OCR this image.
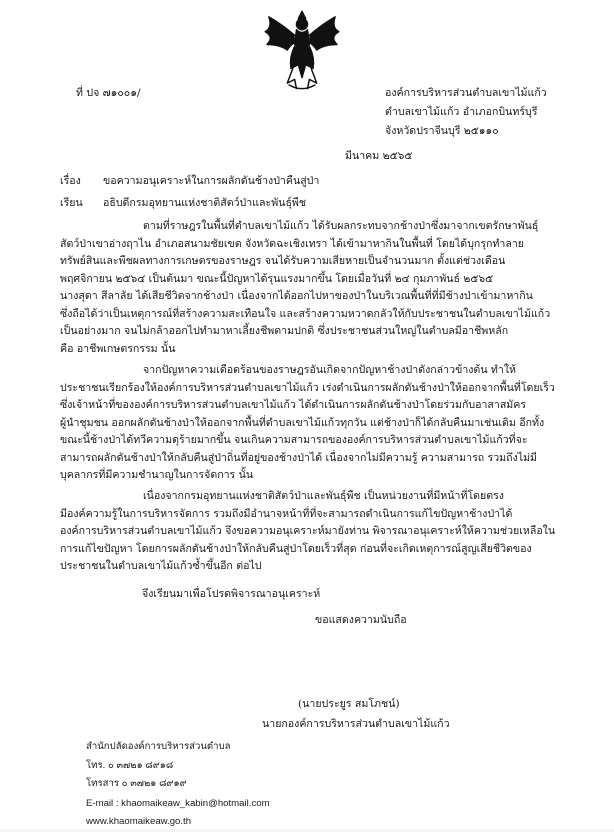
ที่ ปจ ๗๑๐๐๑/	องค์การบริหารส่วนตำบลเขาไม้แก้ว
ตำบลเขาไม้แก้ว อำเภอกบินทร์บุรี
จังหวัดปราจีนบุรี ๒๕๑๑๐
มีนาคม ๒๕๖๕
เรื่อง ขอความอนุเคราะห์ในการผลักดันช้างป่าคืนสู่ป่า
เรียน อธิบดีกรมอุทยานแห่งชาติสัตว์ป่าและพันธุ์พืช

ตามที่ราษฎรในพื้นที่ตำบลเขาไม้แก้ว ได้รับผลกระทบจากช้างป่าซึ่งมาจากเขตรักษาพันธุ์

สัตว์ป่าเขาอ่างฤาไน อำเภอสนามชัยเขต จังหวัดฉะเชิงเทรา ได้เข้ามาหากินในพื้นที่ โดยได้บุกรุกทำลาย

ทรัพย์สินและพืชผลทางการเกษตรของราษฎร จนได้รับความเสียหายเป็นจำนวนมาก ตั้งแต่ช่วงเดือน

พฤศจิกายน ๒๕๖๔ เป็นต้นมา ขณะนี้ปัญหาได้รุนแรงมากขึ้น โดยเมื่อวันที่ ๒๔ กุมภาพันธ์ ๒๕๖๕

นางสุดา สีลาลัย ได้เสียชีวิตจากช้างป่า เนื่องจากได้ออกไปหาของป่าในบริเวณพื้นที่ที่มีช้างป่าเข้ามาหากิน

ซึ่งถือได้ว่าเป็นเหตุการณ์ที่สร้างความสะเทือนใจ และสร้างความหวาดกลัวให้กับประชาชนในตำบลเขาไม้แก้ว

เป็นอย่างมาก จนไม่กล้าออกไปทำมาหาเลี้ยงชีพตามปกติ ซึ่งประชาชนส่วนใหญ่ในตำบลมีอาชีพหลัก

คือ อาชีพเกษตรกรรม นั้น

จากปัญหาความเดือดร้อนของราษฎรอันเกิดจากปัญหาช้างป่าดังกล่าวข้างต้น ทำให้

ประชาชนเรียกร้องให้องค์การบริหารส่วนตำบลเขาไม้แก้ว เร่งดำเนินการผลักดันช้างป่าให้ออกจากพื้นที่โดยเร็ว

ซึ่งเจ้าหน้าที่ขององค์การบริหารส่วนตำบลเขาไม้แก้ว ได้ดำเนินการผลักดันช้างป่าโดยร่วมกับอาสาสมัคร

ผู้นำชุมชน ออกผลักดันช้างป่าให้ออกจากพื้นที่ตำบลเขาไม้แก้วทุกวัน แต่ช้างป่าก็ได้กลับคืนมาเช่นเดิม อีกทั้ง

ขณะนี้ช้างป่าได้ทวีความดุร้ายมากขึ้น จนเกินความสามารถขององค์การบริหารส่วนตำบลเขาไม้แก้วที่จะ

สามารถผลักดันช้างป่าให้กลับคืนสู่ป่าถิ่นที่อยู่ของช้างป่าได้ เนื่องจากไม่มีความรู้ ความสามารถ รวมถึงไม่มี

บุคลากรที่มีความชำนาญในการจัดการ นั้น

เนื่องจากกรมอุทยานแห่งชาติสัตว์ป่าและพันธุ์พืช เป็นหน่วยงานที่มีหน้าที่โดยตรง

มีองค์ความรู้ในการบริหารจัดการ รวมถึงมีอำนาจหน้าที่ที่จะสามารถดำเนินการแก้ไขปัญหาช้างป่าได้

องค์การบริหารส่วนตำบลเขาไม้แก้ว จึงขอความอนุเคราะห์มายังท่าน พิจารณาอนุเคราะห์ให้ความช่วยเหลือใน

การแก้ไขปัญหา โดยการผลักดันช้างป่าให้กลับคืนสู่ป่าโดยเร็วที่สุด ก่อนที่จะเกิดเหตุการณ์สูญเสียชีวิตของ

ประชาชนในตำบลเขาไม้แก้วซ้ำขึ้นอีก ต่อไป

จึงเรียนมาเพื่อโปรดพิจารณาอนุเคราะห์
ขอแสดงความนับถือ
(นายประยูร สมโภชน์)
นายกองค์การบริหารส่วนตำบลเขาไม้แก้ว
สำนักปลัดองค์การบริหารส่วนตำบล
โทร. ๐ ๓๗๒๑ ๘๙๑๘
โทรสาร ๐ ๓๗๒๑ ๘๙๑๙
E-mail : khaomaikeaw_kabin@hotmail.com
www.khaomaikeaw.go.th
